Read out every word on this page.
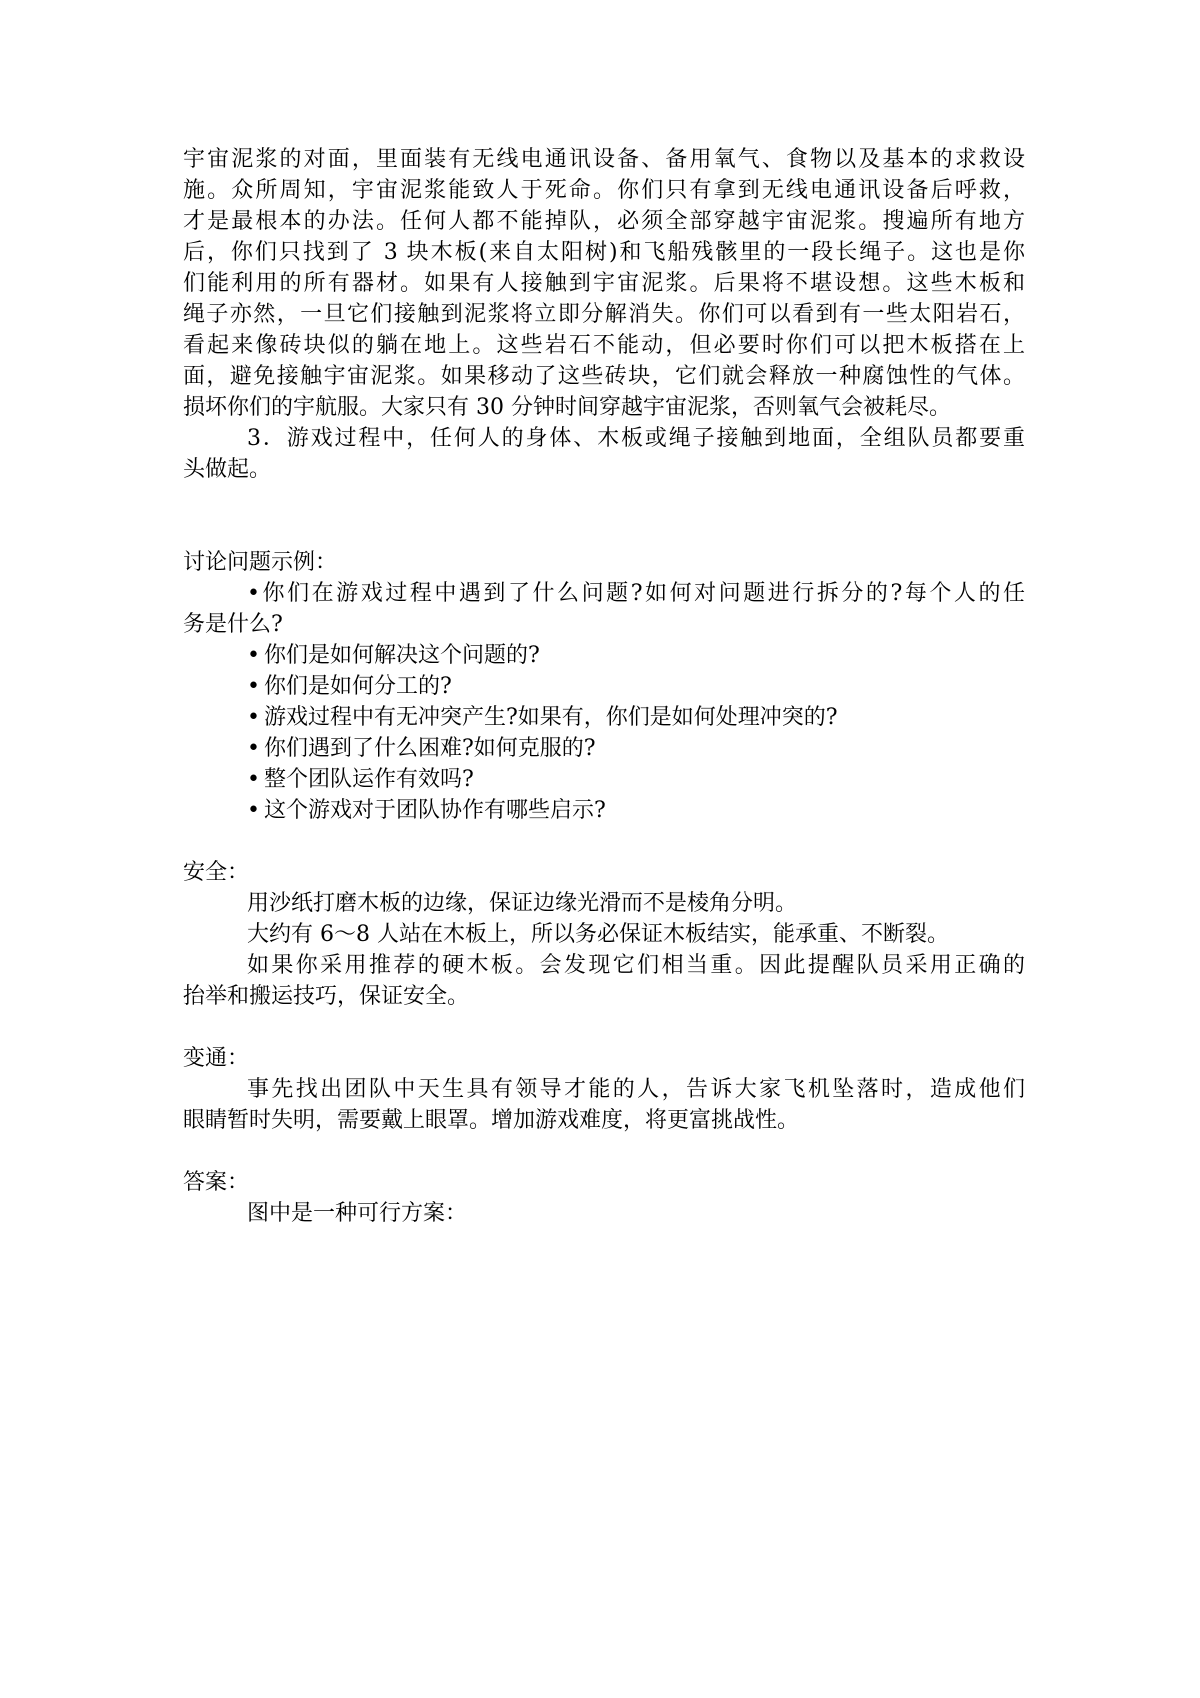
宇宙泥浆的对面，里面装有无线电通讯设备、备用氧气、食物以及基本的求救设

施。众所周知，宇宙泥浆能致人于死命。你们只有拿到无线电通讯设备后呼救，

才是最根本的办法。任何人都不能掉队，必须全部穿越宇宙泥浆。搜遍所有地方

后，你们只找到了 3 块木板(来自太阳树)和飞船残骸里的一段长绳子。这也是你

们能利用的所有器材。如果有人接触到宇宙泥浆。后果将不堪设想。这些木板和

绳子亦然，一旦它们接触到泥浆将立即分解消失。你们可以看到有一些太阳岩石，

看起来像砖块似的躺在地上。这些岩石不能动，但必要时你们可以把木板搭在上

面，避免接触宇宙泥浆。如果移动了这些砖块，它们就会释放一种腐蚀性的气体。

损坏你们的宇航服。大家只有 30 分钟时间穿越宇宙泥浆，否则氧气会被耗尽。

3．游戏过程中，任何人的身体、木板或绳子接触到地面，全组队员都要重

头做起。

讨论问题示例：

•你们在游戏过程中遇到了什么问题?如何对问题进行拆分的?每个人的任

务是什么?

• 你们是如何解决这个问题的?

• 你们是如何分工的?

• 游戏过程中有无冲突产生?如果有，你们是如何处理冲突的?

• 你们遇到了什么困难?如何克服的?

• 整个团队运作有效吗?

• 这个游戏对于团队协作有哪些启示?

安全：

用沙纸打磨木板的边缘，保证边缘光滑而不是棱角分明。

大约有 6～8 人站在木板上，所以务必保证木板结实，能承重、不断裂。

如果你采用推荐的硬木板。会发现它们相当重。因此提醒队员采用正确的

抬举和搬运技巧，保证安全。

变通：

事先找出团队中天生具有领导才能的人，告诉大家飞机坠落时，造成他们

眼睛暂时失明，需要戴上眼罩。增加游戏难度，将更富挑战性。

答案：

图中是一种可行方案：
